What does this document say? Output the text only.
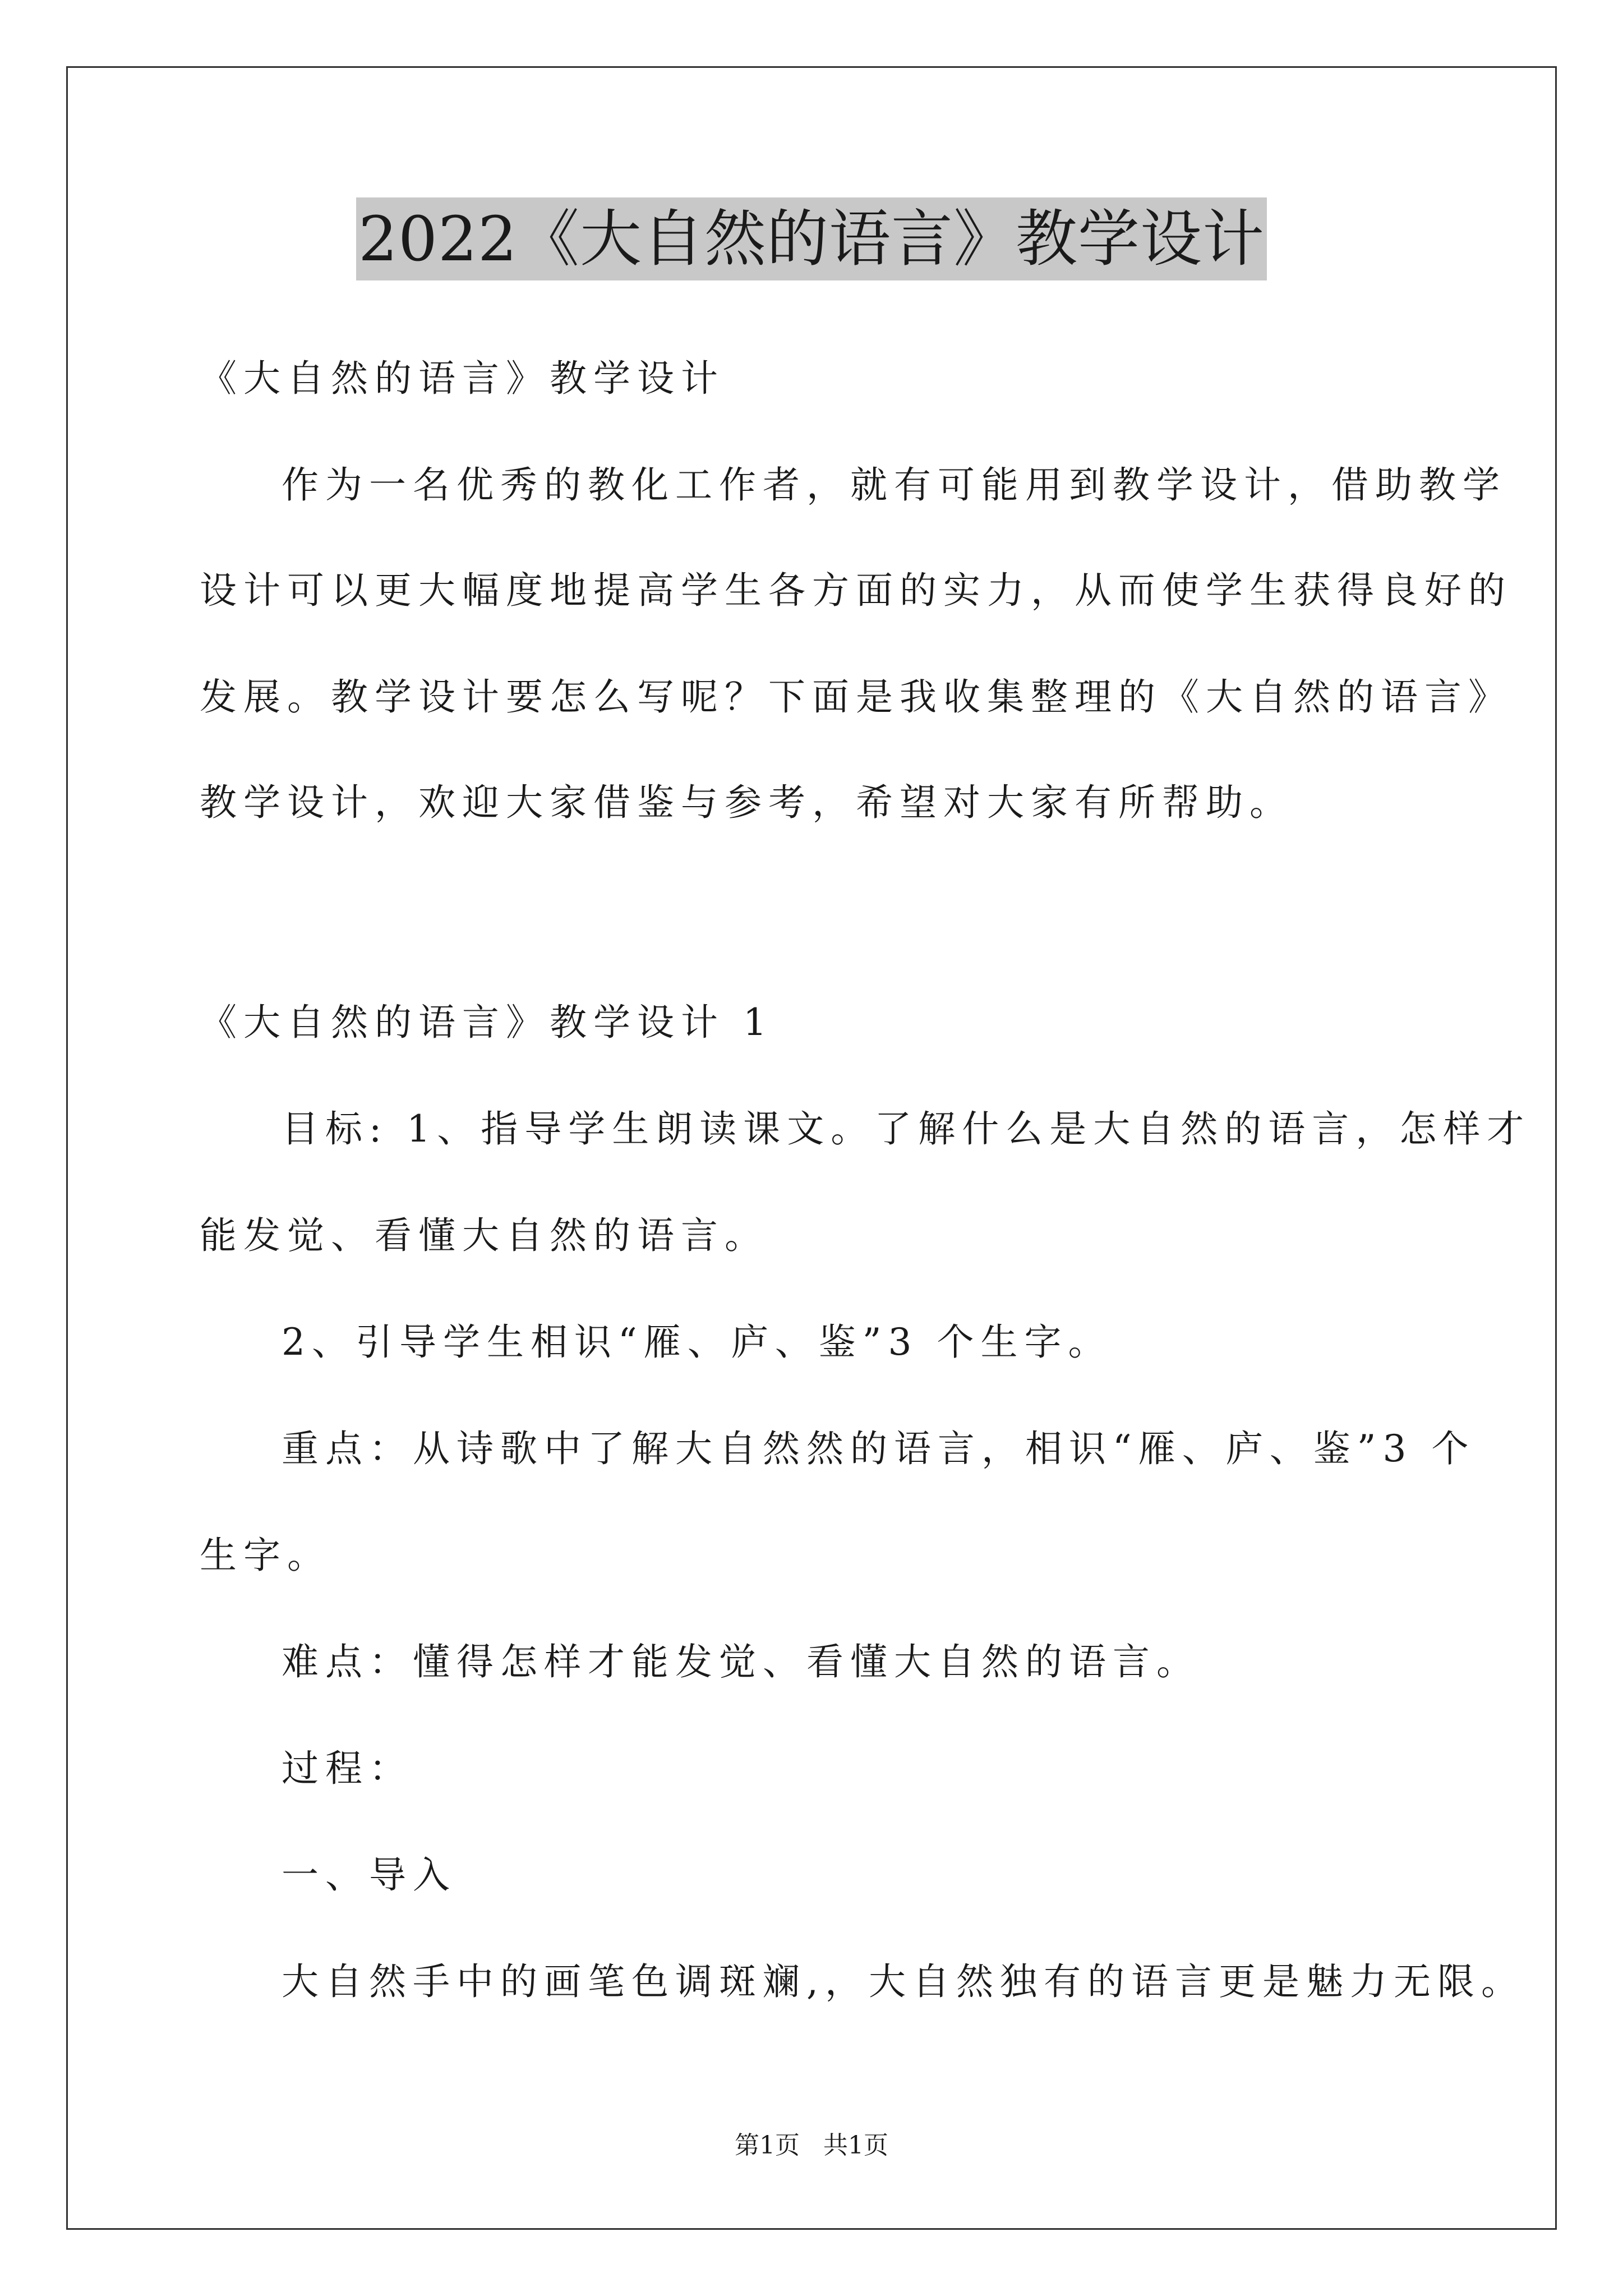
2022《大自然的语言》教学设计
《大自然的语言》教学设计
作为一名优秀的教化工作者，就有可能用到教学设计，借助教学
设计可以更大幅度地提高学生各方面的实力，从而使学生获得良好的
发展。教学设计要怎么写呢？下面是我收集整理的《大自然的语言》
教学设计，欢迎大家借鉴与参考，希望对大家有所帮助。
《大自然的语言》教学设计 1
目标: 1、指导学生朗读课文。了解什么是大自然的语言，怎样才
能发觉、看懂大自然的语言。
2、引导学生相识“雁、庐、鉴”3 个生字。
重点：从诗歌中了解大自然然的语言，相识“雁、庐、鉴”3 个
生字。
难点：懂得怎样才能发觉、看懂大自然的语言。
过程：
一、导入
大自然手中的画笔色调斑斓,，大自然独有的语言更是魅力无限。
第1页   共1页
